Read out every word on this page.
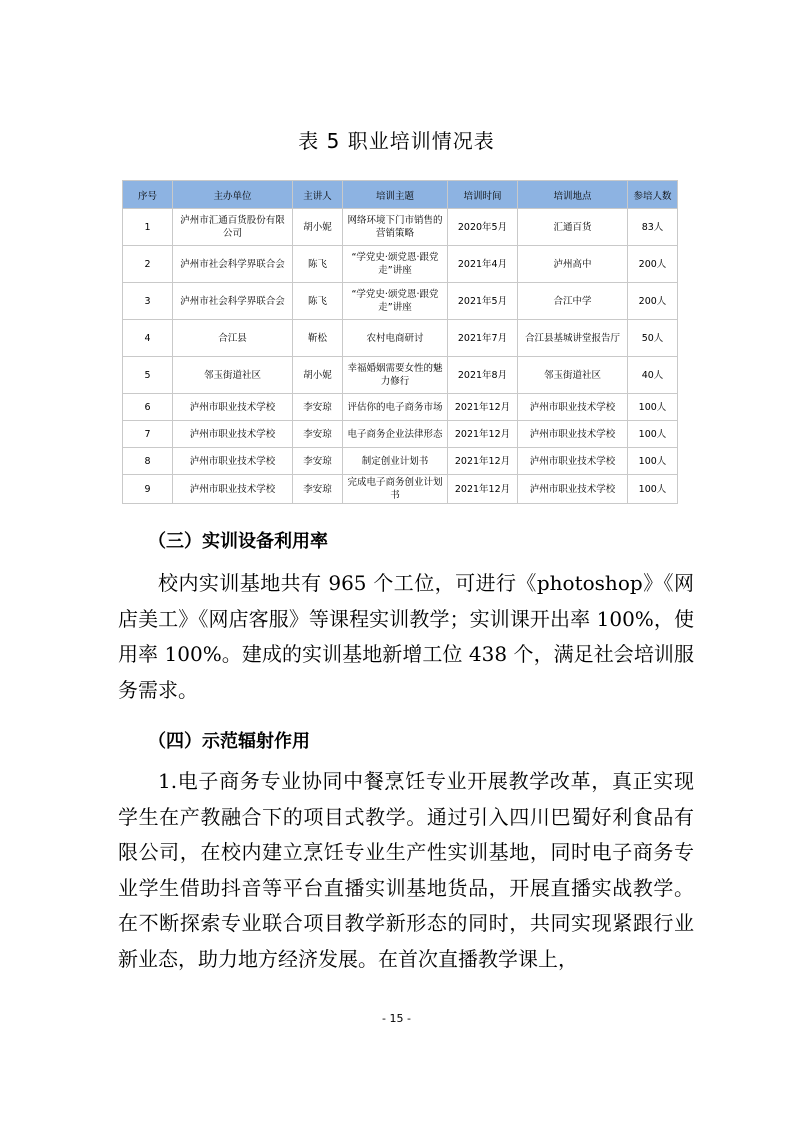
表 5 职业培训情况表
序号	主办单位	主讲人	培训主题	培训时间	培训地点	参培人数
1	泸州市汇通百货股份有限公司	胡小妮	网络环境下门市销售的营销策略	2020年5月	汇通百货	83人
2	泸州市社会科学界联合会	陈飞	“学党史·颂党恩·跟党走”讲座	2021年4月	泸州高中	200人
3	泸州市社会科学界联合会	陈飞	“学党史·颂党恩·跟党走”讲座	2021年5月	合江中学	200人
4	合江县	靳松	农村电商研讨	2021年7月	合江县基城讲堂报告厅	50人
5	邻玉街道社区	胡小妮	幸福婚姻需要女性的魅力修行	2021年8月	邻玉街道社区	40人
6	泸州市职业技术学校	李安琼	评估你的电子商务市场	2021年12月	泸州市职业技术学校	100人
7	泸州市职业技术学校	李安琼	电子商务企业法律形态	2021年12月	泸州市职业技术学校	100人
8	泸州市职业技术学校	李安琼	制定创业计划书	2021年12月	泸州市职业技术学校	100人
9	泸州市职业技术学校	李安琼	完成电子商务创业计划书	2021年12月	泸州市职业技术学校	100人
（三）实训设备利用率
校内实训基地共有 965 个工位，可进行《photoshop》《网店美工》《网店客服》等课程实训教学；实训课开出率 100%，使用率 100%。建成的实训基地新增工位 438 个，满足社会培训服务需求。
（四）示范辐射作用
1.电子商务专业协同中餐烹饪专业开展教学改革，真正实现学生在产教融合下的项目式教学。通过引入四川巴蜀好利食品有限公司，在校内建立烹饪专业生产性实训基地，同时电子商务专业学生借助抖音等平台直播实训基地货品，开展直播实战教学。在不断探索专业联合项目教学新形态的同时，共同实现紧跟行业新业态，助力地方经济发展。在首次直播教学课上，
- 15 -
